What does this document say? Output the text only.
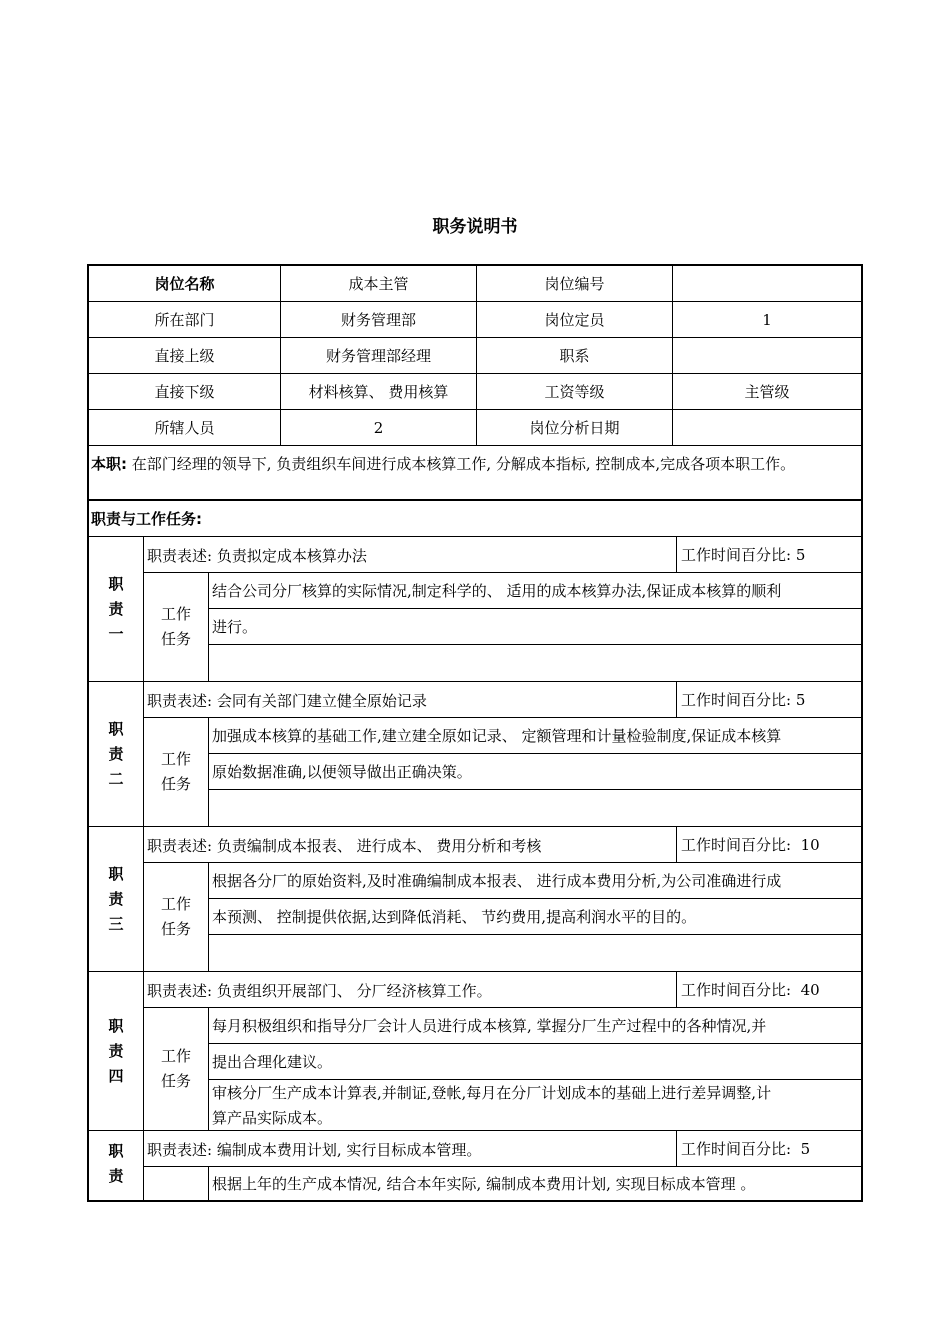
职务说明书
岗位名称	成本主管	岗位编号
所在部门	财务管理部	岗位定员	1
直接上级	财务管理部经理	职系
直接下级	材料核算、 费用核算	工资等级	主管级
所辖人员	2	岗位分析日期
本职: 在部门经理的领导下, 负责组织车间进行成本核算工作, 分解成本指标, 控制成本,完成各项本职工作。
职责与工作任务:
职
责
一
职责表述: 负责拟定成本核算办法	工作时间百分比: 5
工作
任务
结合公司分厂核算的实际情况,制定科学的、 适用的成本核算办法,保证成本核算的顺利
进行。
职
责
二
职责表述: 会同有关部门建立健全原始记录	工作时间百分比: 5
工作
任务
加强成本核算的基础工作,建立建全原如记录、 定额管理和计量检验制度,保证成本核算
原始数据准确,以便领导做出正确决策。
职
责
三
职责表述: 负责编制成本报表、 进行成本、 费用分析和考核	工作时间百分比:  10
工作
任务
根据各分厂的原始资料,及时准确编制成本报表、 进行成本费用分析,为公司准确进行成
本预测、 控制提供依据,达到降低消耗、 节约费用,提高利润水平的目的。
职
责
四
职责表述: 负责组织开展部门、 分厂经济核算工作。	工作时间百分比:  40
工作
任务
每月积极组织和指导分厂会计人员进行成本核算, 掌握分厂生产过程中的各种情况,并
提出合理化建议。
审核分厂生产成本计算表,并制证,登帐,每月在分厂计划成本的基础上进行差异调整,计
算产品实际成本。
职
责
职责表述: 编制成本费用计划, 实行目标成本管理。	工作时间百分比:  5
根据上年的生产成本情况, 结合本年实际, 编制成本费用计划, 实现目标成本管理 。
